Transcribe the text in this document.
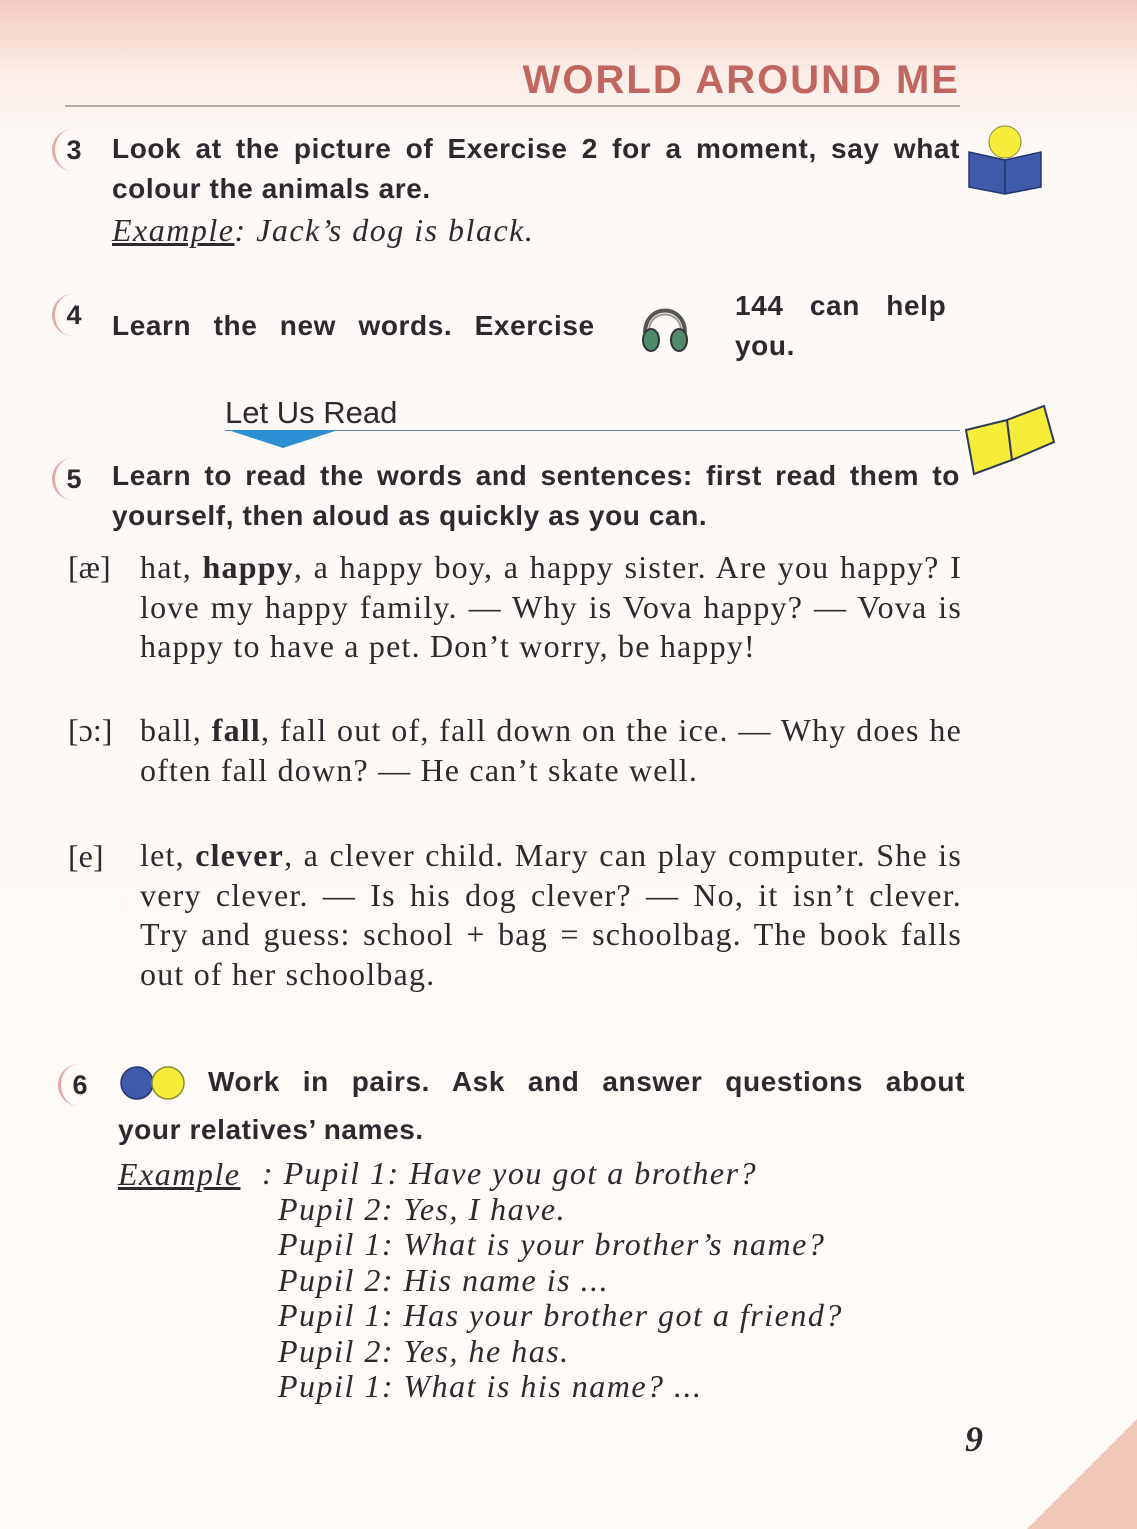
WORLD AROUND ME
3	Look at the picture of Exercise 2 for a moment, say what colour the animals are.
Example: Jack’s dog is black.
4	Learn the new words. Exercise
144 can help you.
Let Us Read
5	Learn to read the words and sentences: first read them to yourself, then aloud as quickly as you can.
[æ] hat, happy, a happy boy, a happy sister. Are you happy? I love my happy family. — Why is Vova happy? — Vova is happy to have a pet. Don’t worry, be happy!
[ɔ:] ball, fall, fall out of, fall down on the ice. — Why does he often fall down? — He can’t skate well.
[e] let, clever, a clever child. Mary can play computer. She is very clever. — Is his dog clever? — No, it isn’t clever. Try and guess: school + bag = schoolbag. The book falls out of her schoolbag.
6	Work in pairs. Ask and answer questions about
your relatives’ names.
Example : Pupil 1: Have you got a brother?
Pupil 2: Yes, I have.
Pupil 1: What is your brother’s name?
Pupil 2: His name is ...
Pupil 1: Has your brother got a friend?
Pupil 2: Yes, he has.
Pupil 1: What is his name? ...
9
